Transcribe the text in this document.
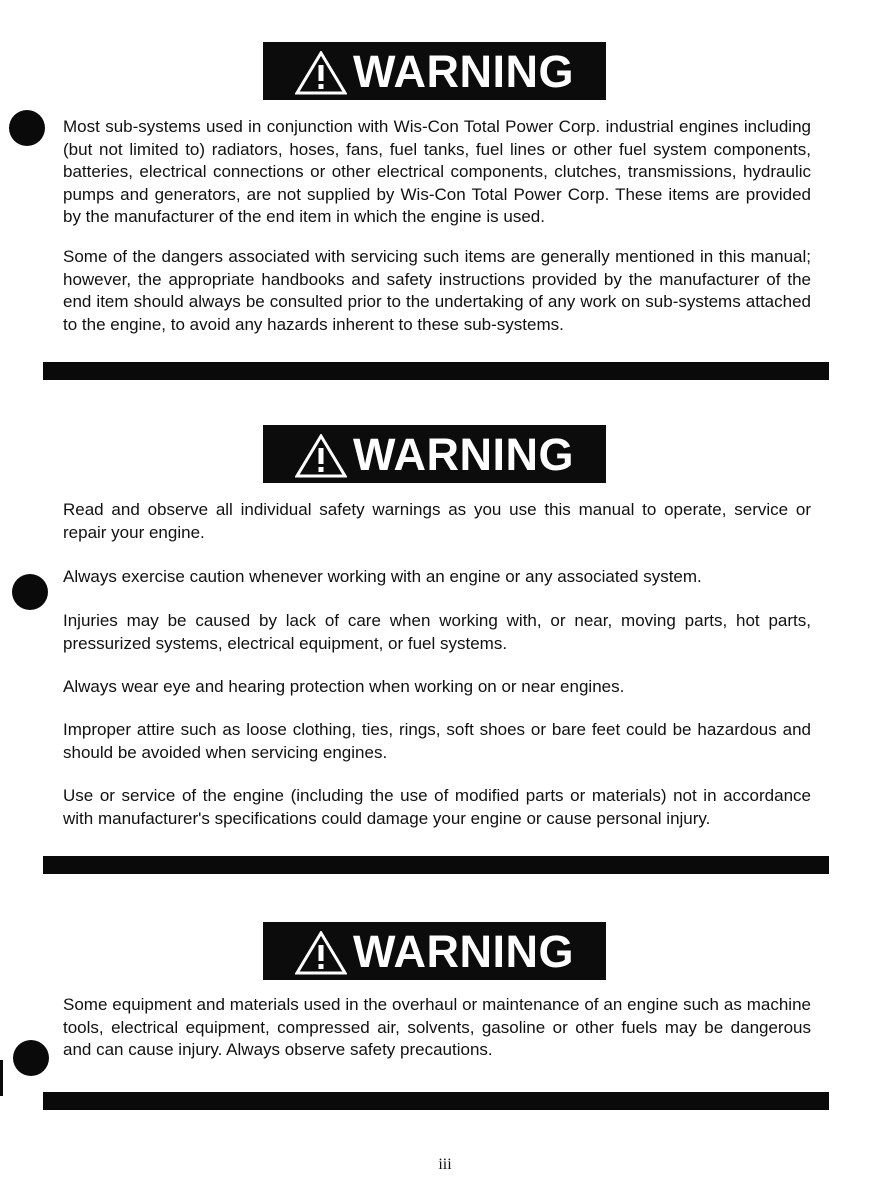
WARNING

Most sub-systems used in conjunction with Wis-Con Total Power Corp. industrial engines including (but not limited to) radiators, hoses, fans, fuel tanks, fuel lines or other fuel system components, batteries, electrical connections or other electrical components, clutches, transmissions, hydraulic pumps and generators, are not supplied by Wis-Con Total Power Corp. These items are provided by the manufacturer of the end item in which the engine is used.

Some of the dangers associated with servicing such items are generally mentioned in this manual; however, the appropriate handbooks and safety instructions provided by the manufacturer of the end item should always be consulted prior to the undertaking of any work on sub-systems attached to the engine, to avoid any hazards inherent to these sub-systems.

WARNING

Read and observe all individual safety warnings as you use this manual to operate, service or repair your engine.

Always exercise caution whenever working with an engine or any associated system.

Injuries may be caused by lack of care when working with, or near, moving parts, hot parts, pressurized systems, electrical equipment, or fuel systems.

Always wear eye and hearing protection when working on or near engines.

Improper attire such as loose clothing, ties, rings, soft shoes or bare feet could be hazardous and should be avoided when servicing engines.

Use or service of the engine (including the use of modified parts or materials) not in accordance with manufacturer's specifications could damage your engine or cause personal injury.

WARNING

Some equipment and materials used in the overhaul or maintenance of an engine such as machine tools, electrical equipment, compressed air, solvents, gasoline or other fuels may be dangerous and can cause injury. Always observe safety precautions.

iii
